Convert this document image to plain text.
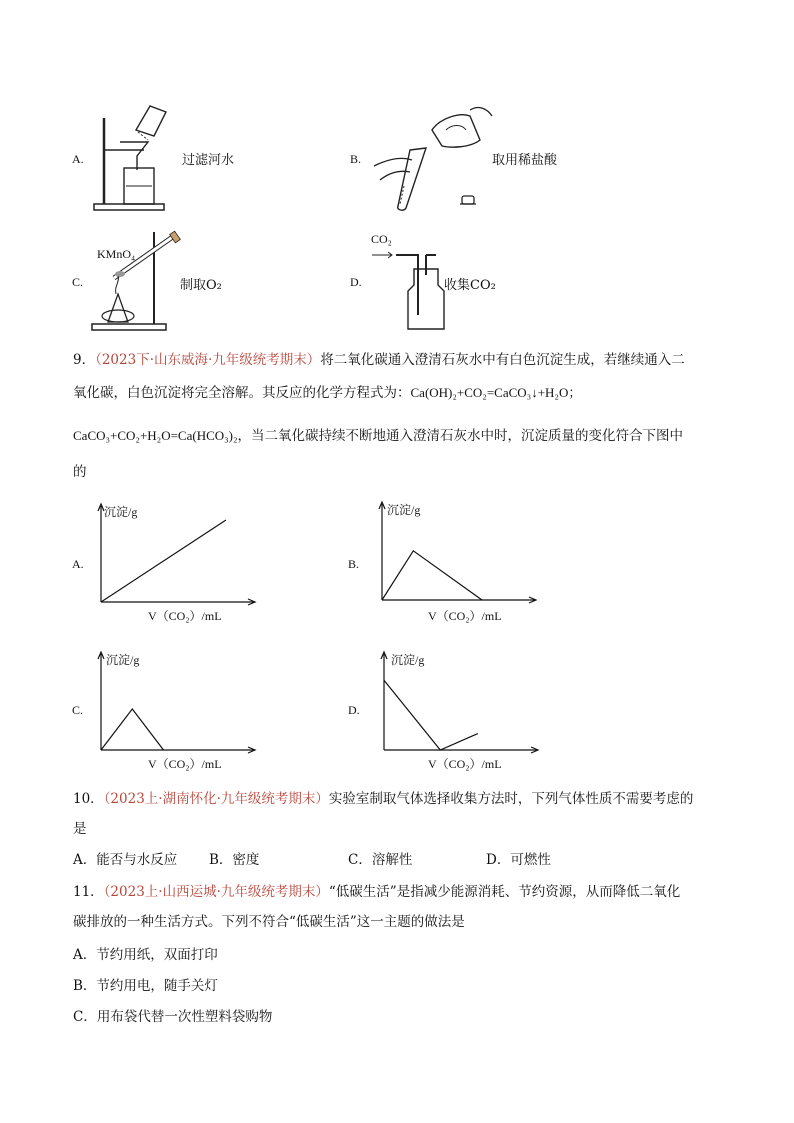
A.	过滤河水	B.	取用稀盐酸
C.
KMnO₄
制取O₂	D.
CO₂
收集CO₂
9．（2023下·山东威海·九年级统考期末）将二氧化碳通入澄清石灰水中有白色沉淀生成，若继续通入二
氧化碳，白色沉淀将完全溶解。其反应的化学方程式为：Ca(OH)₂+CO₂=CaCO₃↓+H₂O；
CaCO₃+CO₂+H₂O=Ca(HCO₃)₂，当二氧化碳持续不断地通入澄清石灰水中时，沉淀质量的变化符合下图中
的
A.
沉淀/g
V（CO₂）/mL
B.
沉淀/g
V（CO₂）/mL
C.
沉淀/g
V（CO₂）/mL
D.
沉淀/g
V（CO₂）/mL
10．（2023上·湖南怀化·九年级统考期末）实验室制取气体选择收集方法时，下列气体性质不需要考虑的
是
A．能否与水反应 B．密度	C．溶解性	D．可燃性
11．（2023上·山西运城·九年级统考期末）“低碳生活”是指减少能源消耗、节约资源，从而降低二氧化
碳排放的一种生活方式。下列不符合“低碳生活”这一主题的做法是
A．节约用纸，双面打印
B．节约用电，随手关灯
C．用布袋代替一次性塑料袋购物
